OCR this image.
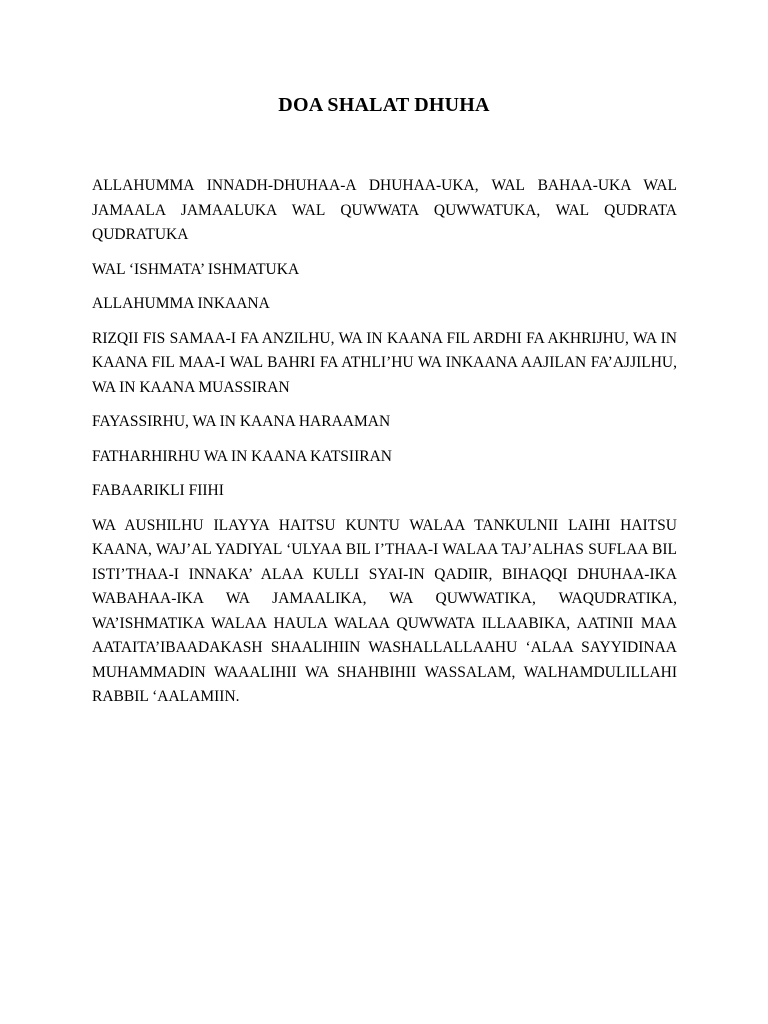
DOA SHALAT DHUHA

ALLAHUMMA INNADH-DHUHAA-A DHUHAA-UKA, WAL BAHAA-UKA WAL JAMAALA JAMAALUKA WAL QUWWATA QUWWATUKA, WAL QUDRATA QUDRATUKA

WAL ‘ISHMATA’ ISHMATUKA

ALLAHUMMA INKAANA

RIZQII FIS SAMAA-I FA ANZILHU, WA IN KAANA FIL ARDHI FA AKHRIJHU, WA IN KAANA FIL MAA-I WAL BAHRI FA ATHLI’HU WA INKAANA AAJILAN FA’AJJILHU, WA IN KAANA MUASSIRAN

FAYASSIRHU, WA IN KAANA HARAAMAN

FATHARHIRHU WA IN KAANA KATSIIRAN

FABAARIKLI FIIHI

WA AUSHILHU ILAYYA HAITSU KUNTU WALAA TANKULNII LAIHI HAITSU KAANA, WAJ’AL YADIYAL ‘ULYAA BIL I’THAA-I WALAA TAJ’ALHAS SUFLAA BIL ISTI’THAA-I INNAKA’ ALAA KULLI SYAI-IN QADIIR, BIHAQQI DHUHAA-IKA WABAHAA-IKA WA JAMAALIKA, WA QUWWATIKA, WAQUDRATIKA, WA’ISHMATIKA WALAA HAULA WALAA QUWWATA ILLAABIKA, AATINII MAA AATAITA’IBAADAKASH SHAALIHIIN WASHALLALLAAHU ‘ALAA SAYYIDINAA MUHAMMADIN WAAALIHII WA SHAHBIHII WASSALAM, WALHAMDULILLAHI RABBIL ‘AALAMIIN.
